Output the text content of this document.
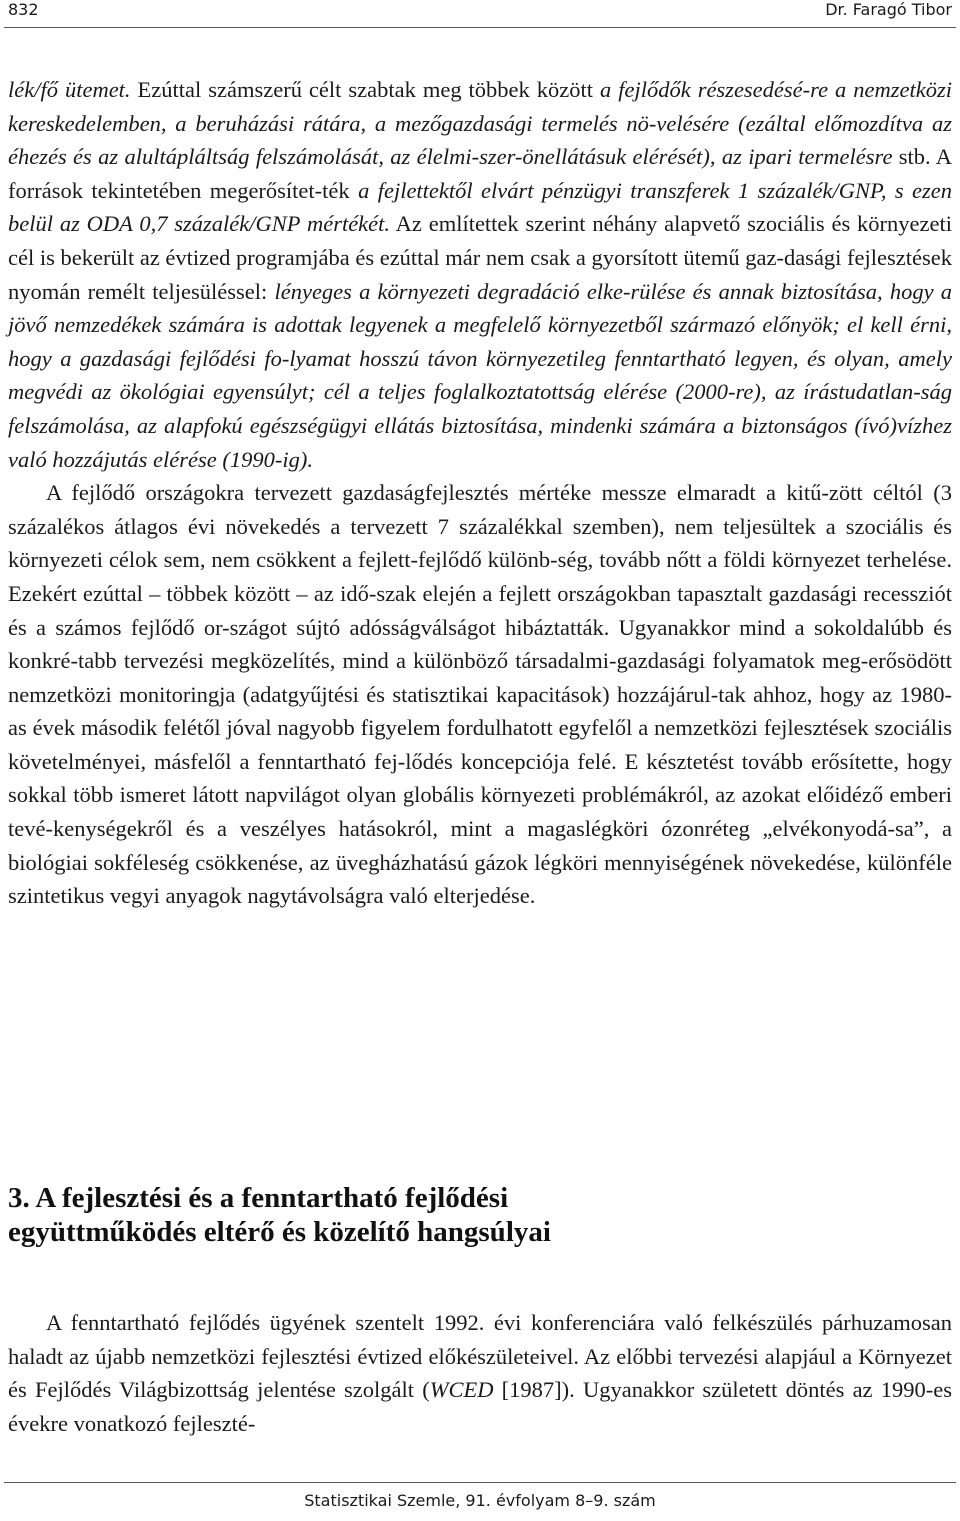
832	Dr. Faragó Tibor

lék/fő ütemet. Ezúttal számszerű célt szabtak meg többek között a fejlődők részesedésé-re a nemzetközi kereskedelemben, a beruházási rátára, a mezőgazdasági termelés nö-velésére (ezáltal előmozdítva az éhezés és az alultápláltság felszámolását, az élelmi-szer-önellátásuk elérését), az ipari termelésre stb. A források tekintetében megerősítet-ték a fejlettektől elvárt pénzügyi transzferek 1 százalék/GNP, s ezen belül az ODA 0,7 százalék/GNP mértékét. Az említettek szerint néhány alapvető szociális és környezeti cél is bekerült az évtized programjába és ezúttal már nem csak a gyorsított ütemű gaz-dasági fejlesztések nyomán remélt teljesüléssel: lényeges a környezeti degradáció elke-rülése és annak biztosítása, hogy a jövő nemzedékek számára is adottak legyenek a megfelelő környezetből származó előnyök; el kell érni, hogy a gazdasági fejlődési fo-lyamat hosszú távon környezetileg fenntartható legyen, és olyan, amely megvédi az ökológiai egyensúlyt; cél a teljes foglalkoztatottság elérése (2000-re), az írástudatlan-ság felszámolása, az alapfokú egészségügyi ellátás biztosítása, mindenki számára a biztonságos (ívó)vízhez való hozzájutás elérése (1990-ig).

A fejlődő országokra tervezett gazdaságfejlesztés mértéke messze elmaradt a kitű-zött céltól (3 százalékos átlagos évi növekedés a tervezett 7 százalékkal szemben), nem teljesültek a szociális és környezeti célok sem, nem csökkent a fejlett-fejlődő különb-ség, tovább nőtt a földi környezet terhelése. Ezekért ezúttal – többek között – az idő-szak elején a fejlett országokban tapasztalt gazdasági recessziót és a számos fejlődő or-szágot sújtó adósságválságot hibáztatták. Ugyanakkor mind a sokoldalúbb és konkré-tabb tervezési megközelítés, mind a különböző társadalmi-gazdasági folyamatok meg-erősödött nemzetközi monitoringja (adatgyűjtési és statisztikai kapacitások) hozzájárul-tak ahhoz, hogy az 1980-as évek második felétől jóval nagyobb figyelem fordulhatott egyfelől a nemzetközi fejlesztések szociális követelményei, másfelől a fenntartható fej-lődés koncepciója felé. E késztetést tovább erősítette, hogy sokkal több ismeret látott napvilágot olyan globális környezeti problémákról, az azokat előidéző emberi tevé-kenységekről és a veszélyes hatásokról, mint a magaslégköri ózonréteg „elvékonyodá-sa”, a biológiai sokféleség csökkenése, az üvegházhatású gázok légköri mennyiségének növekedése, különféle szintetikus vegyi anyagok nagytávolságra való elterjedése.

3. A fejlesztési és a fenntartható fejlődési
együttműködés eltérő és közelítő hangsúlyai

A fenntartható fejlődés ügyének szentelt 1992. évi konferenciára való felkészülés párhuzamosan haladt az újabb nemzetközi fejlesztési évtized előkészületeivel. Az előbbi tervezési alapjául a Környezet és Fejlődés Világbizottság jelentése szolgált (WCED [1987]). Ugyanakkor született döntés az 1990-es évekre vonatkozó fejleszté-

Statisztikai Szemle, 91. évfolyam 8–9. szám
